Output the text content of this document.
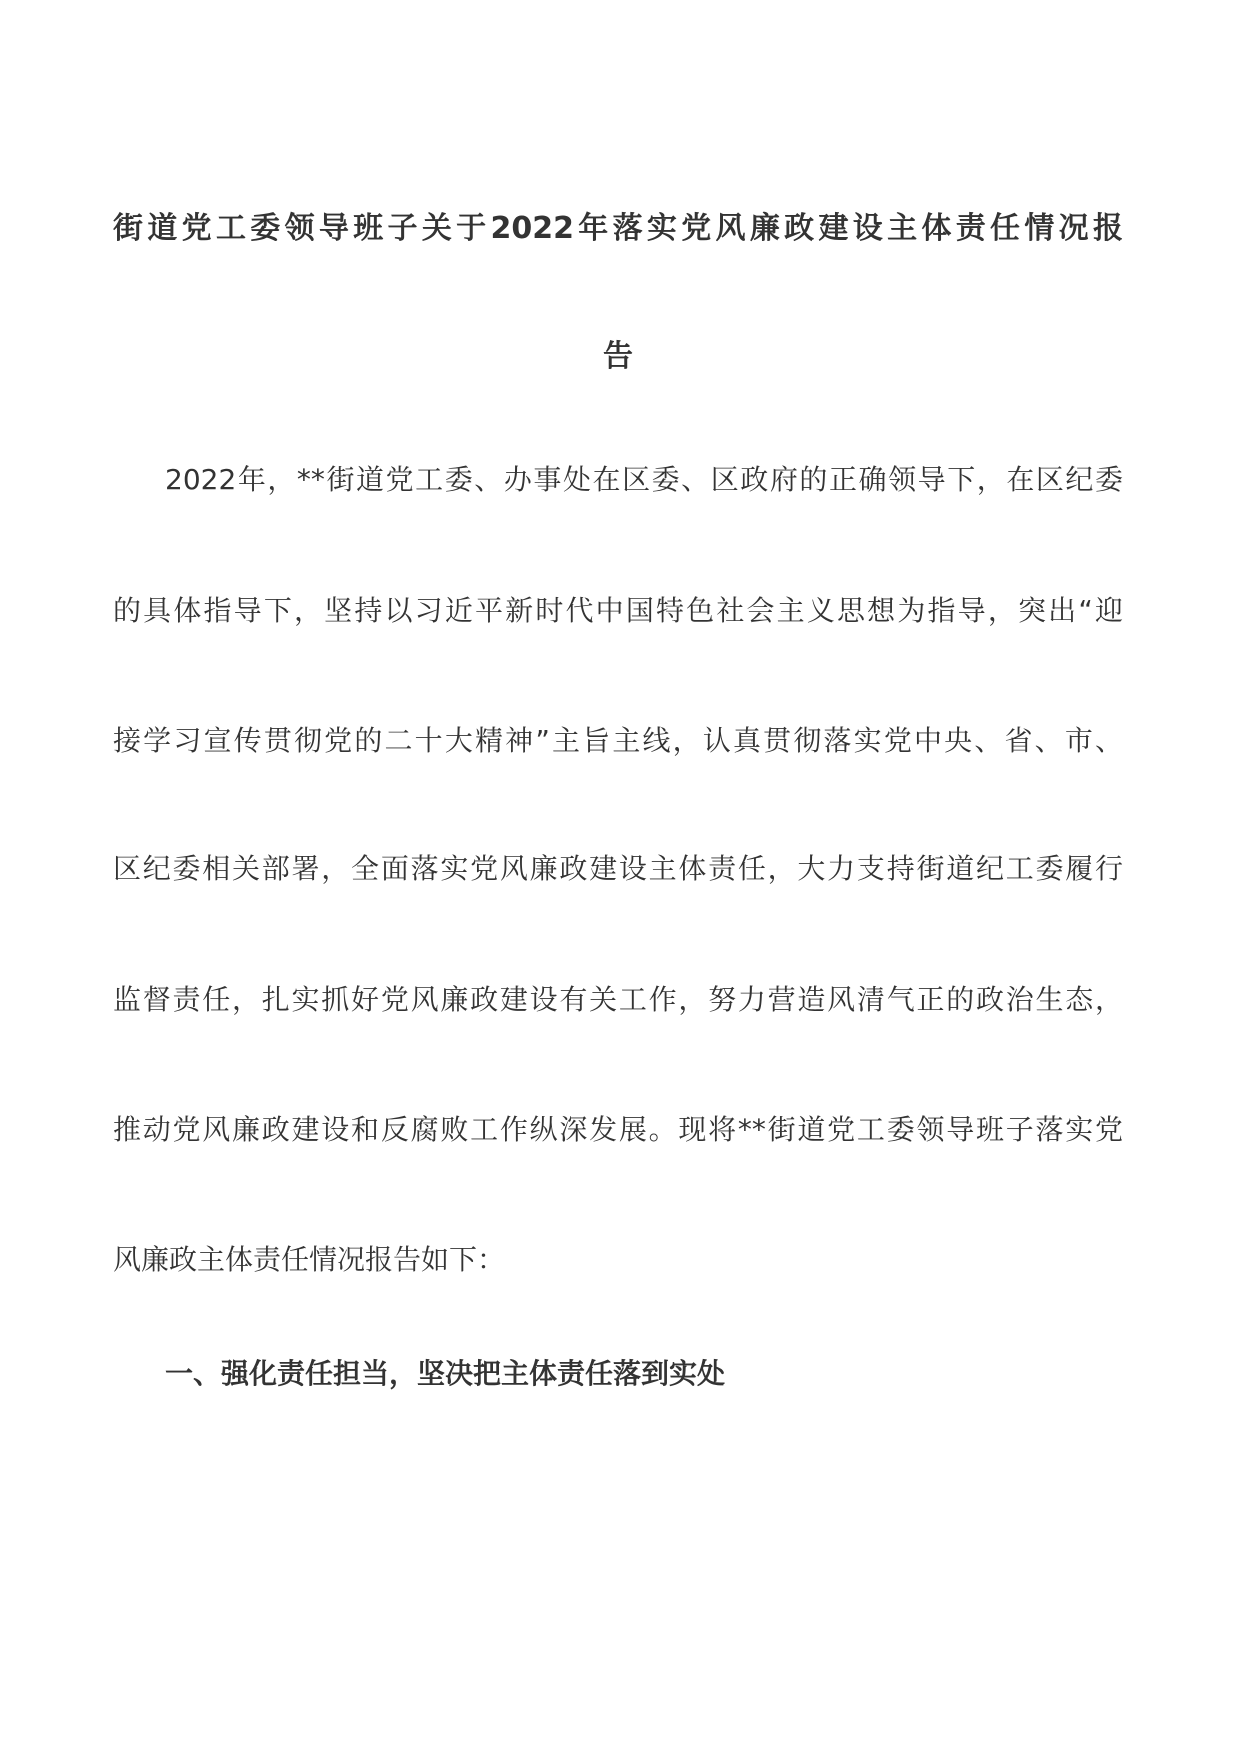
街道党工委领导班子关于2022年落实党风廉政建设主体责任情况报
告
2022年，**街道党工委、办事处在区委、区政府的正确领导下，在区纪委
的具体指导下，坚持以习近平新时代中国特色社会主义思想为指导，突出“迎
接学习宣传贯彻党的二十大精神”主旨主线，认真贯彻落实党中央、省、市、
区纪委相关部署，全面落实党风廉政建设主体责任，大力支持街道纪工委履行
监督责任，扎实抓好党风廉政建设有关工作，努力营造风清气正的政治生态，
推动党风廉政建设和反腐败工作纵深发展。现将**街道党工委领导班子落实党
风廉政主体责任情况报告如下：
一、强化责任担当，坚决把主体责任落到实处
